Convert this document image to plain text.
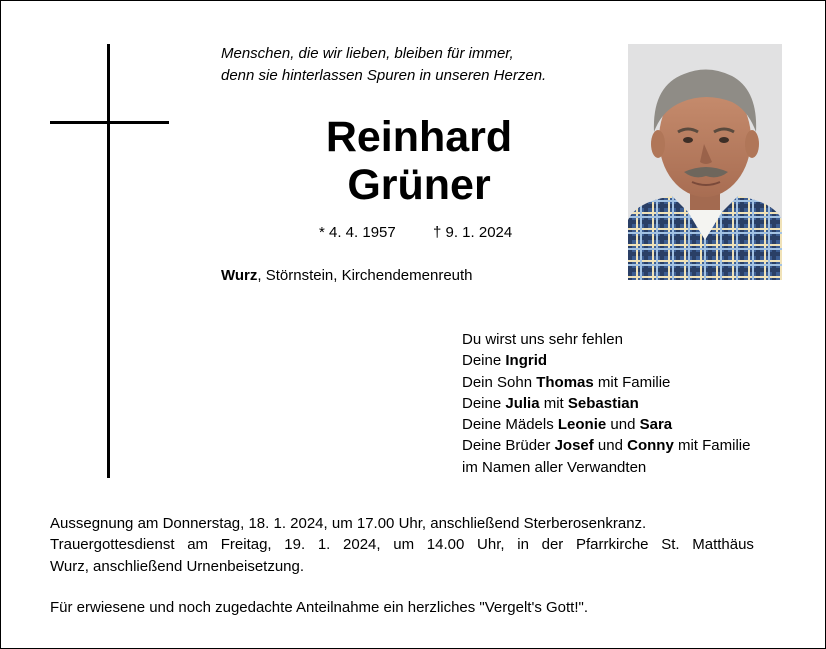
Menschen, die wir lieben, bleiben für immer,
denn sie hinterlassen Spuren in unseren Herzen.
Reinhard
Grüner
* 4. 4. 1957 † 9. 1. 2024
Wurz, Störnstein, Kirchendemenreuth
Du wirst uns sehr fehlen
Deine Ingrid
Dein Sohn Thomas mit Familie
Deine Julia mit Sebastian
Deine Mädels Leonie und Sara
Deine Brüder Josef und Conny mit Familie
im Namen aller Verwandten
Aussegnung am Donnerstag, 18. 1. 2024, um 17.00 Uhr, anschließend Sterberosenkranz.
Trauergottesdienst am Freitag, 19. 1. 2024, um 14.00 Uhr, in der Pfarrkirche St. Matthäus
Wurz, anschließend Urnenbeisetzung.
Für erwiesene und noch zugedachte Anteilnahme ein herzliches "Vergelt's Gott!".
